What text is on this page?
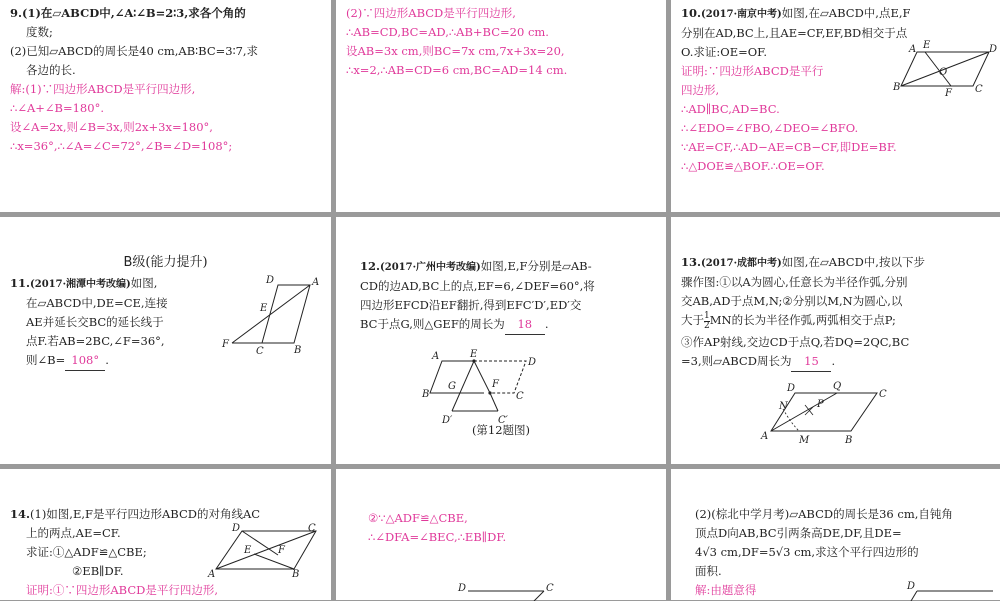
9.(1)在▱ABCD中,∠A∶∠B=2∶3,求各个角的
度数;
(2)已知▱ABCD的周长是40 cm,AB∶BC=3∶7,求
各边的长.
解:(1)∵四边形ABCD是平行四边形,
∴∠A+∠B=180°.
设∠A=2x,则∠B=3x,则2x+3x=180°,
∴x=36°,∴∠A=∠C=72°,∠B=∠D=108°;
(2)∵四边形ABCD是平行四边形,
∴AB=CD,BC=AD,∴AB+BC=20 cm.
设AB=3x cm,则BC=7x cm,7x+3x=20,
∴x=2,∴AB=CD=6 cm,BC=AD=14 cm.
10.(2017·南京中考)如图,在▱ABCD中,点E,F
分别在AD,BC上,且AE=CF,EF,BD相交于点
O.求证:OE=OF.
证明:∵四边形ABCD是平行
四边形,
∴AD∥BC,AD=BC.
∴∠EDO=∠FBO,∠DEO=∠BFO.
∵AE=CF,∴AD−AE=CB−CF,即DE=BF.
∴△DOE≌△BOF.∴OE=OF.
A E	D
O
B
F C
B级(能力提升)
11.(2017·湘潭中考改编)如图,
在▱ABCD中,DE=CE,连接
AE并延长交BC的延长线于
点F.若AB=2BC,∠F=36°,
则∠B= 108° .
D	A
E
F
C	B
12.(2017·广州中考改编)如图,E,F分别是▱AB-
CD的边AD,BC上的点,EF=6,∠DEF=60°,将
四边形EFCD沿EF翻折,得到EFC′D′,ED′交
BC于点G,则△GEF的周长为 18 .
A	E
D
G	F
B	C
D′	C′
(第12题图)
13.(2017·成都中考)如图,在▱ABCD中,按以下步
骤作图:①以A为圆心,任意长为半径作弧,分别
交AB,AD于点M,N;②分别以M,N为圆心,以
大于 $\frac{1}{2}$ MN的长为半径作弧,两弧相交于点P;
③作AP射线,交边CD于点Q,若DQ=2QC,BC
=3,则▱ABCD周长为 15 .
D	Q
C
N	P
A	M	B
14.(1)如图,E,F是平行四边形ABCD的对角线AC
上的两点,AE=CF.
求证:①△ADF≌△CBE;
②EB∥DF.
证明:①∵四边形ABCD是平行四边形,
D	C
E	F
A	B
②∵△ADF≌△CBE,
∴∠DFA=∠BEC,∴EB∥DF.
D	C
(2)(棕北中学月考)▱ABCD的周长是36 cm,自钝角
顶点D向AB,BC引两条高DE,DF,且DE=
4√3 cm,DF=5√3 cm,求这个平行四边形的
面积.
解:由题意得	D
